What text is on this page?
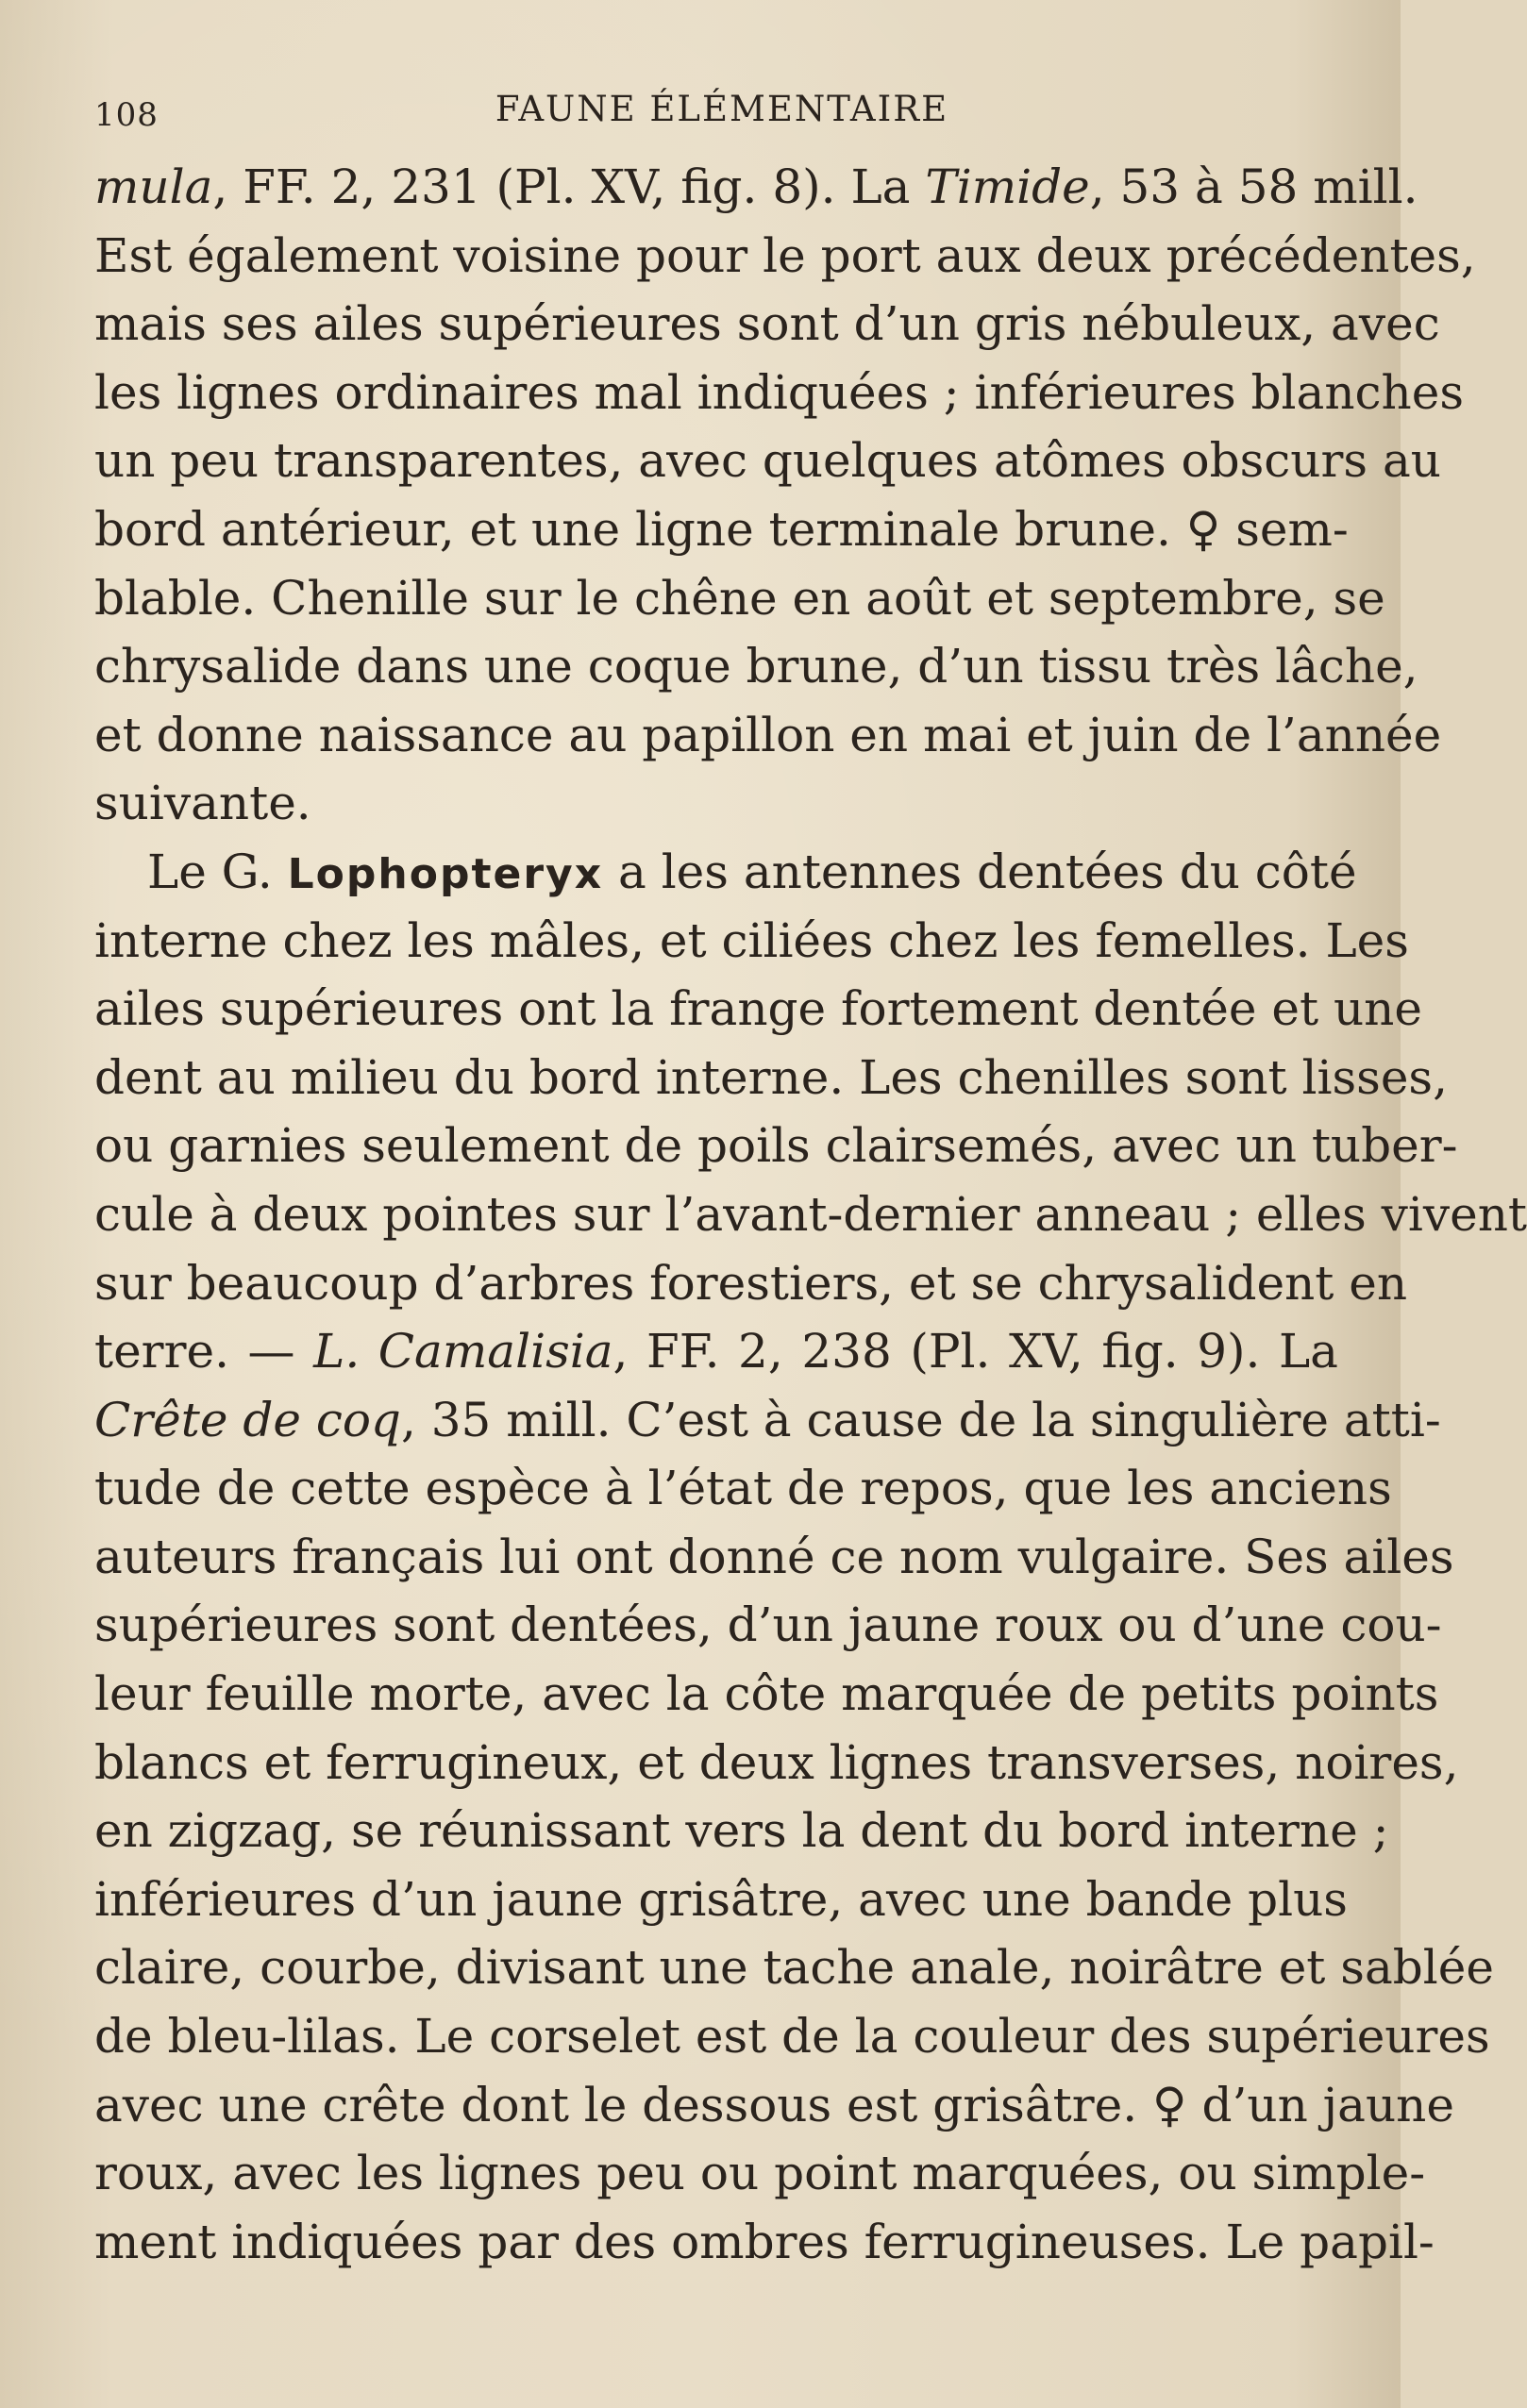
108	FAUNE ÉLÉMENTAIRE
mula, FF. 2, 231 (Pl. XV, fig. 8). La Timide, 53 à 58 mill.
Est également voisine pour le port aux deux précédentes,
mais ses ailes supérieures sont d’un gris nébuleux, avec
les lignes ordinaires mal indiquées ; inférieures blanches
un peu transparentes, avec quelques atômes obscurs au
bord antérieur, et une ligne terminale brune. ♀ sem-
blable. Chenille sur le chêne en août et septembre, se
chrysalide dans une coque brune, d’un tissu très lâche,
et donne naissance au papillon en mai et juin de l’année
suivante.
Le G. Lophopteryx a les antennes dentées du côté
interne chez les mâles, et ciliées chez les femelles. Les
ailes supérieures ont la frange fortement dentée et une
dent au milieu du bord interne. Les chenilles sont lisses,
ou garnies seulement de poils clairsemés, avec un tuber-
cule à deux pointes sur l’avant-dernier anneau ; elles vivent
sur beaucoup d’arbres forestiers, et se chrysalident en
terre. — L. Camalisia, FF. 2, 238 (Pl. XV, fig. 9). La
Crête de coq, 35 mill. C’est à cause de la singulière atti-
tude de cette espèce à l’état de repos, que les anciens
auteurs français lui ont donné ce nom vulgaire. Ses ailes
supérieures sont dentées, d’un jaune roux ou d’une cou-
leur feuille morte, avec la côte marquée de petits points
blancs et ferrugineux, et deux lignes transverses, noires,
en zigzag, se réunissant vers la dent du bord interne ;
inférieures d’un jaune grisâtre, avec une bande plus
claire, courbe, divisant une tache anale, noirâtre et sablée
de bleu-lilas. Le corselet est de la couleur des supérieures
avec une crête dont le dessous est grisâtre. ♀ d’un jaune
roux, avec les lignes peu ou point marquées, ou simple-
ment indiquées par des ombres ferrugineuses. Le papil-
